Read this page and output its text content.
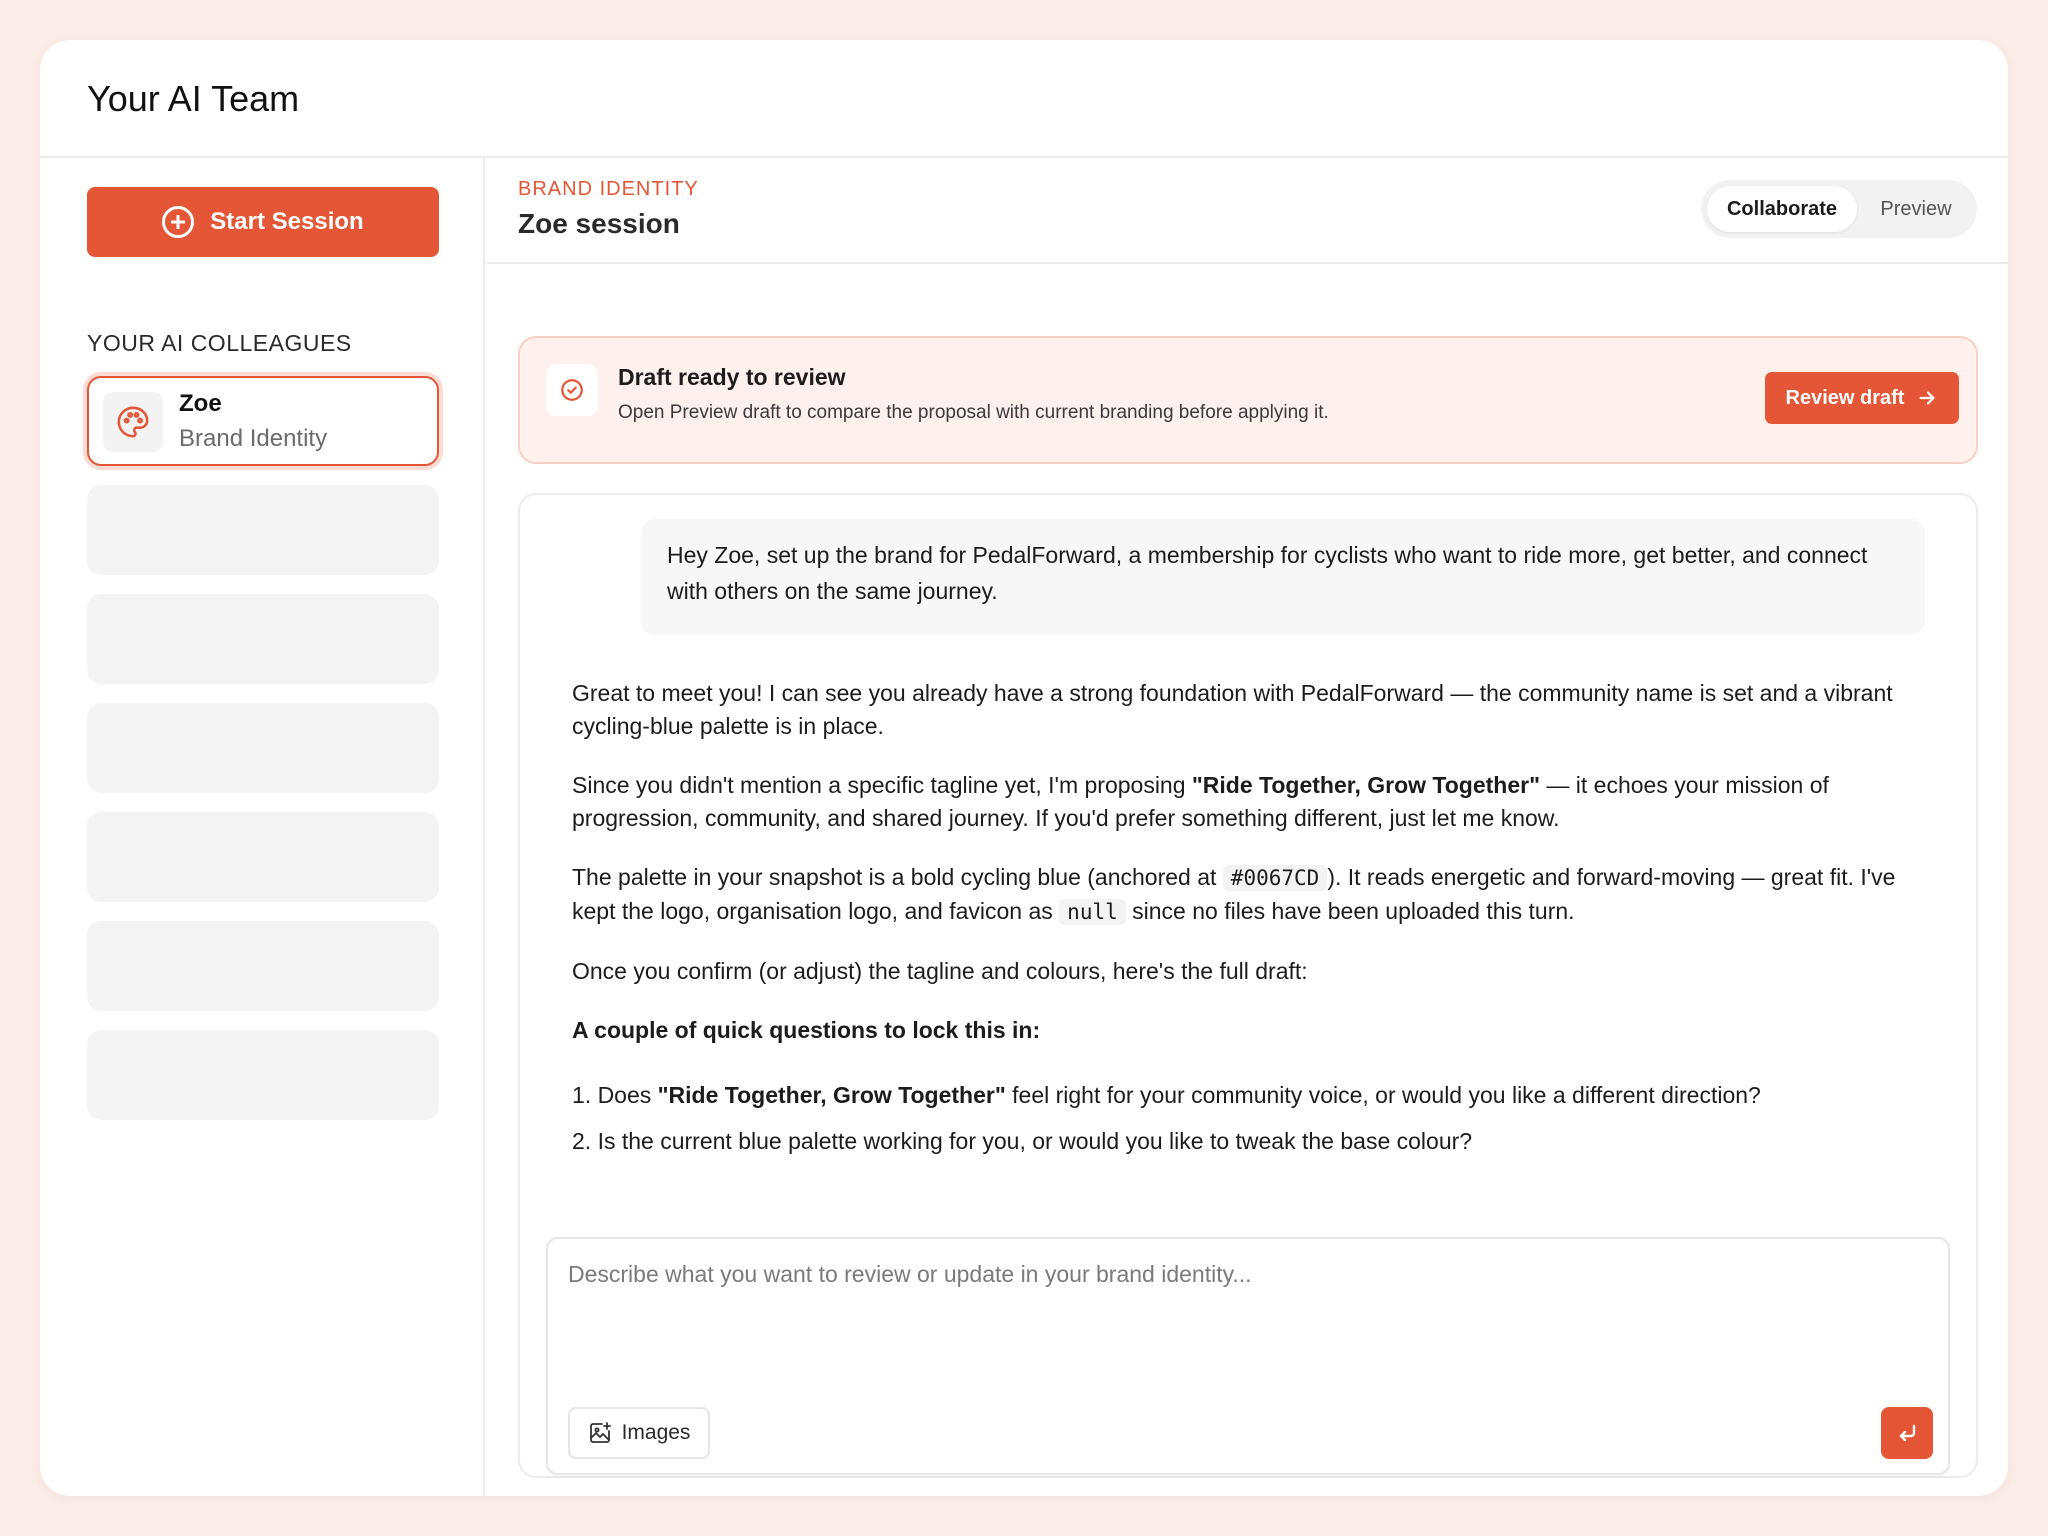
Your AI Team
Start Session
YOUR AI COLLEAGUES
Zoe
Brand Identity
BRAND IDENTITY
Zoe session	Collaborate	Preview
Draft ready to review
Open Preview draft to compare the proposal with current branding before applying it.
Review draft
Hey Zoe, set up the brand for PedalForward, a membership for cyclists who want to ride more, get better, and connect with others on the same journey.

Great to meet you! I can see you already have a strong foundation with PedalForward — the community name is set and a vibrant cycling-blue palette is in place.

Since you didn't mention a specific tagline yet, I'm proposing "Ride Together, Grow Together" — it echoes your mission of progression, community, and shared journey. If you'd prefer something different, just let me know.

The palette in your snapshot is a bold cycling blue (anchored at #0067CD ). It reads energetic and forward-moving — great fit. I've kept the logo, organisation logo, and favicon as null since no files have been uploaded this turn.

Once you confirm (or adjust) the tagline and colours, here's the full draft:

A couple of quick questions to lock this in:

1. Does "Ride Together, Grow Together" feel right for your community voice, or would you like a different direction?
2. Is the current blue palette working for you, or would you like to tweak the base colour?
Describe what you want to review or update in your brand identity...
Images
